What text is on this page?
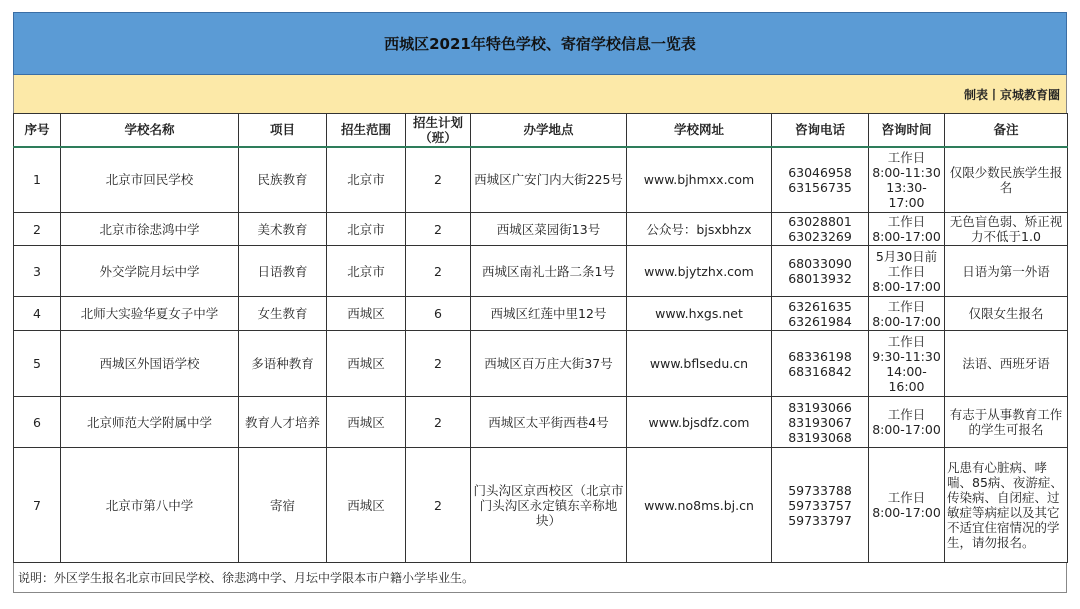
西城区2021年特色学校、寄宿学校信息一览表
制表丨京城教育圈
序号	学校名称	项目	招生范围	招生计划（班）	办学地点	学校网址	咨询电话	咨询时间	备注
1	北京市回民学校	民族教育	北京市	2	西城区广安门内大街225号	www.bjhmxx.com	63046958
63156735	工作日
8:00-11:30
13:30-17:00	仅限少数民族学生报名
2	北京市徐悲鸿中学	美术教育	北京市	2	西城区菜园街13号	公众号：bjsxbhzx	63028801
63023269	工作日
8:00-17:00	无色盲色弱、矫正视力不低于1.0
3	外交学院月坛中学	日语教育	北京市	2	西城区南礼士路二条1号	www.bjytzhx.com	68033090
68013932	5月30日前
工作日
8:00-17:00	日语为第一外语
4	北师大实验华夏女子中学	女生教育	西城区	6	西城区红莲中里12号	www.hxgs.net	63261635
63261984	工作日
8:00-17:00	仅限女生报名
5	西城区外国语学校	多语种教育	西城区	2	西城区百万庄大街37号	www.bflsedu.cn	68336198
68316842	工作日
9:30-11:30
14:00-16:00	法语、西班牙语
6	北京师范大学附属中学	教育人才培养	西城区	2	西城区太平街西巷4号	www.bjsdfz.com	83193066
83193067
83193068	工作日
8:00-17:00	有志于从事教育工作的学生可报名
7	北京市第八中学	寄宿	西城区	2	门头沟区京西校区（北京市门头沟区永定镇东辛称地块）	www.no8ms.bj.cn	59733788
59733757
59733797	工作日
8:00-17:00	凡患有心脏病、哮喘、85病、夜游症、传染病、自闭症、过敏症等病症以及其它不适宜住宿情况的学生，请勿报名。
说明：外区学生报名北京市回民学校、徐悲鸿中学、月坛中学限本市户籍小学毕业生。
